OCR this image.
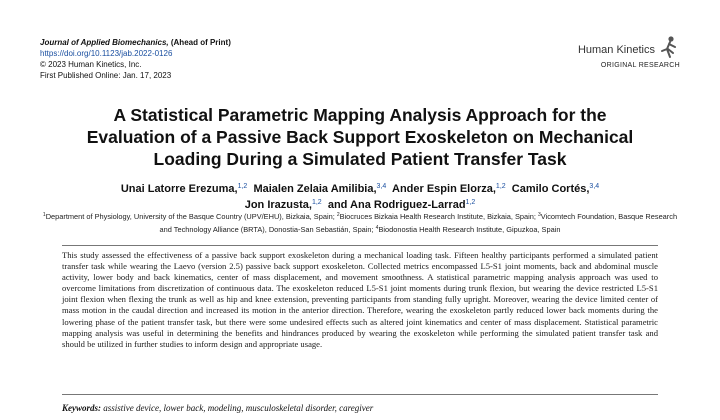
Journal of Applied Biomechanics, (Ahead of Print)
https://doi.org/10.1123/jab.2022-0126
© 2023 Human Kinetics, Inc.
First Published Online: Jan. 17, 2023
Human Kinetics
ORIGINAL RESEARCH
A Statistical Parametric Mapping Analysis Approach for the
Evaluation of a Passive Back Support Exoskeleton on Mechanical
Loading During a Simulated Patient Transfer Task
Unai Latorre Erezuma,$^{1,2}$ Maialen Zelaia Amilibia,$^{3,4}$ Ander Espin Elorza,$^{1,2}$ Camilo Cortés,$^{3,4}$
Jon Irazusta,$^{1,2}$ and Ana Rodriguez-Larrad$^{1,2}$
$^1$Department of Physiology, University of the Basque Country (UPV/EHU), Bizkaia, Spain; $^2$Biocruces Bizkaia Health Research Institute, Bizkaia, Spain; $^3$Vicomtech Foundation, Basque Research and Technology Alliance (BRTA), Donostia-San Sebastián, Spain; $^4$Biodonostia Health Research Institute, Gipuzkoa, Spain

This study assessed the effectiveness of a passive back support exoskeleton during a mechanical loading task. Fifteen healthy participants performed a simulated patient transfer task while wearing the Laevo (version 2.5) passive back support exoskeleton. Collected metrics encompassed L5-S1 joint moments, back and abdominal muscle activity, lower body and back kinematics, center of mass displacement, and movement smoothness. A statistical parametric mapping analysis approach was used to overcome limitations from discretization of continuous data. The exoskeleton reduced L5-S1 joint moments during trunk flexion, but wearing the device restricted L5-S1 joint flexion when flexing the trunk as well as hip and knee extension, preventing participants from standing fully upright. Moreover, wearing the device limited center of mass motion in the caudal direction and increased its motion in the anterior direction. Therefore, wearing the exoskeleton partly reduced lower back moments during the lowering phase of the patient transfer task, but there were some undesired effects such as altered joint kinematics and center of mass displacement. Statistical parametric mapping analysis was useful in determining the benefits and hindrances produced by wearing the exoskeleton while performing the simulated patient transfer task and should be utilized in further studies to inform design and appropriate usage.

Keywords: assistive device, lower back, modeling, musculoskeletal disorder, caregiver
